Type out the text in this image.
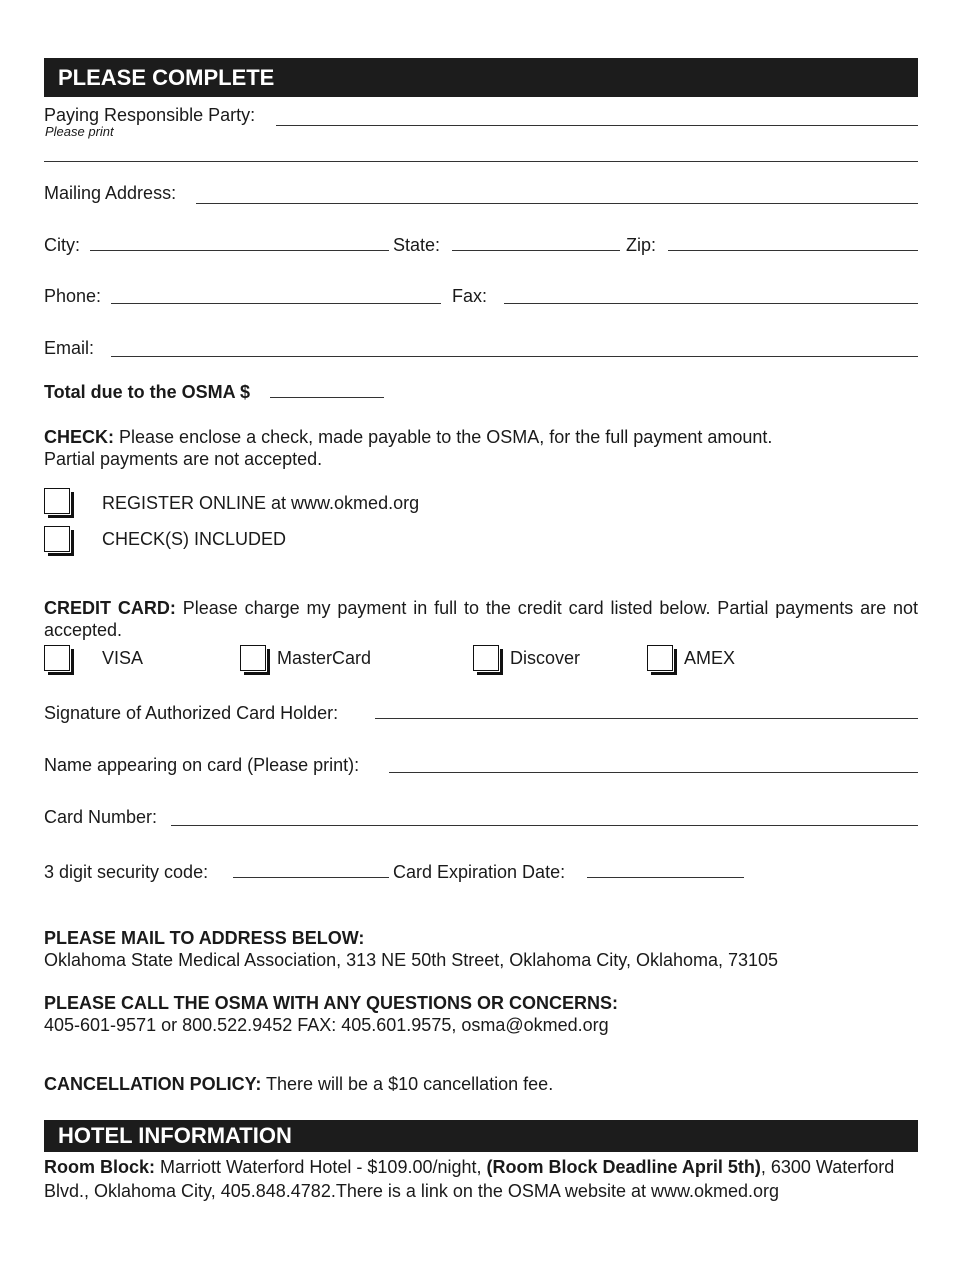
PLEASE COMPLETE
Paying Responsible Party:
Please print
Mailing Address:
City:	State:	Zip:
Phone:	Fax:
Email:
Total due to the OSMA $
CHECK: Please enclose a check, made payable to the OSMA, for the full payment amount.
Partial payments are not accepted.
REGISTER ONLINE at www.okmed.org
CHECK(S) INCLUDED
CREDIT CARD: Please charge my payment in full to the credit card listed below. Partial payments are not accepted.
VISA	MasterCard	Discover	AMEX
Signature of Authorized Card Holder:
Name appearing on card (Please print):
Card Number:
3 digit security code:	Card Expiration Date:
PLEASE MAIL TO ADDRESS BELOW:
Oklahoma State Medical Association, 313 NE 50th Street, Oklahoma City, Oklahoma, 73105
PLEASE CALL THE OSMA WITH ANY QUESTIONS OR CONCERNS:
405-601-9571 or 800.522.9452 FAX: 405.601.9575, osma@okmed.org
CANCELLATION POLICY: There will be a $10 cancellation fee.
HOTEL INFORMATION
Room Block: Marriott Waterford Hotel - $109.00/night, (Room Block Deadline April 5th), 6300 Waterford Blvd., Oklahoma City, 405.848.4782.There is a link on the OSMA website at www.okmed.org
